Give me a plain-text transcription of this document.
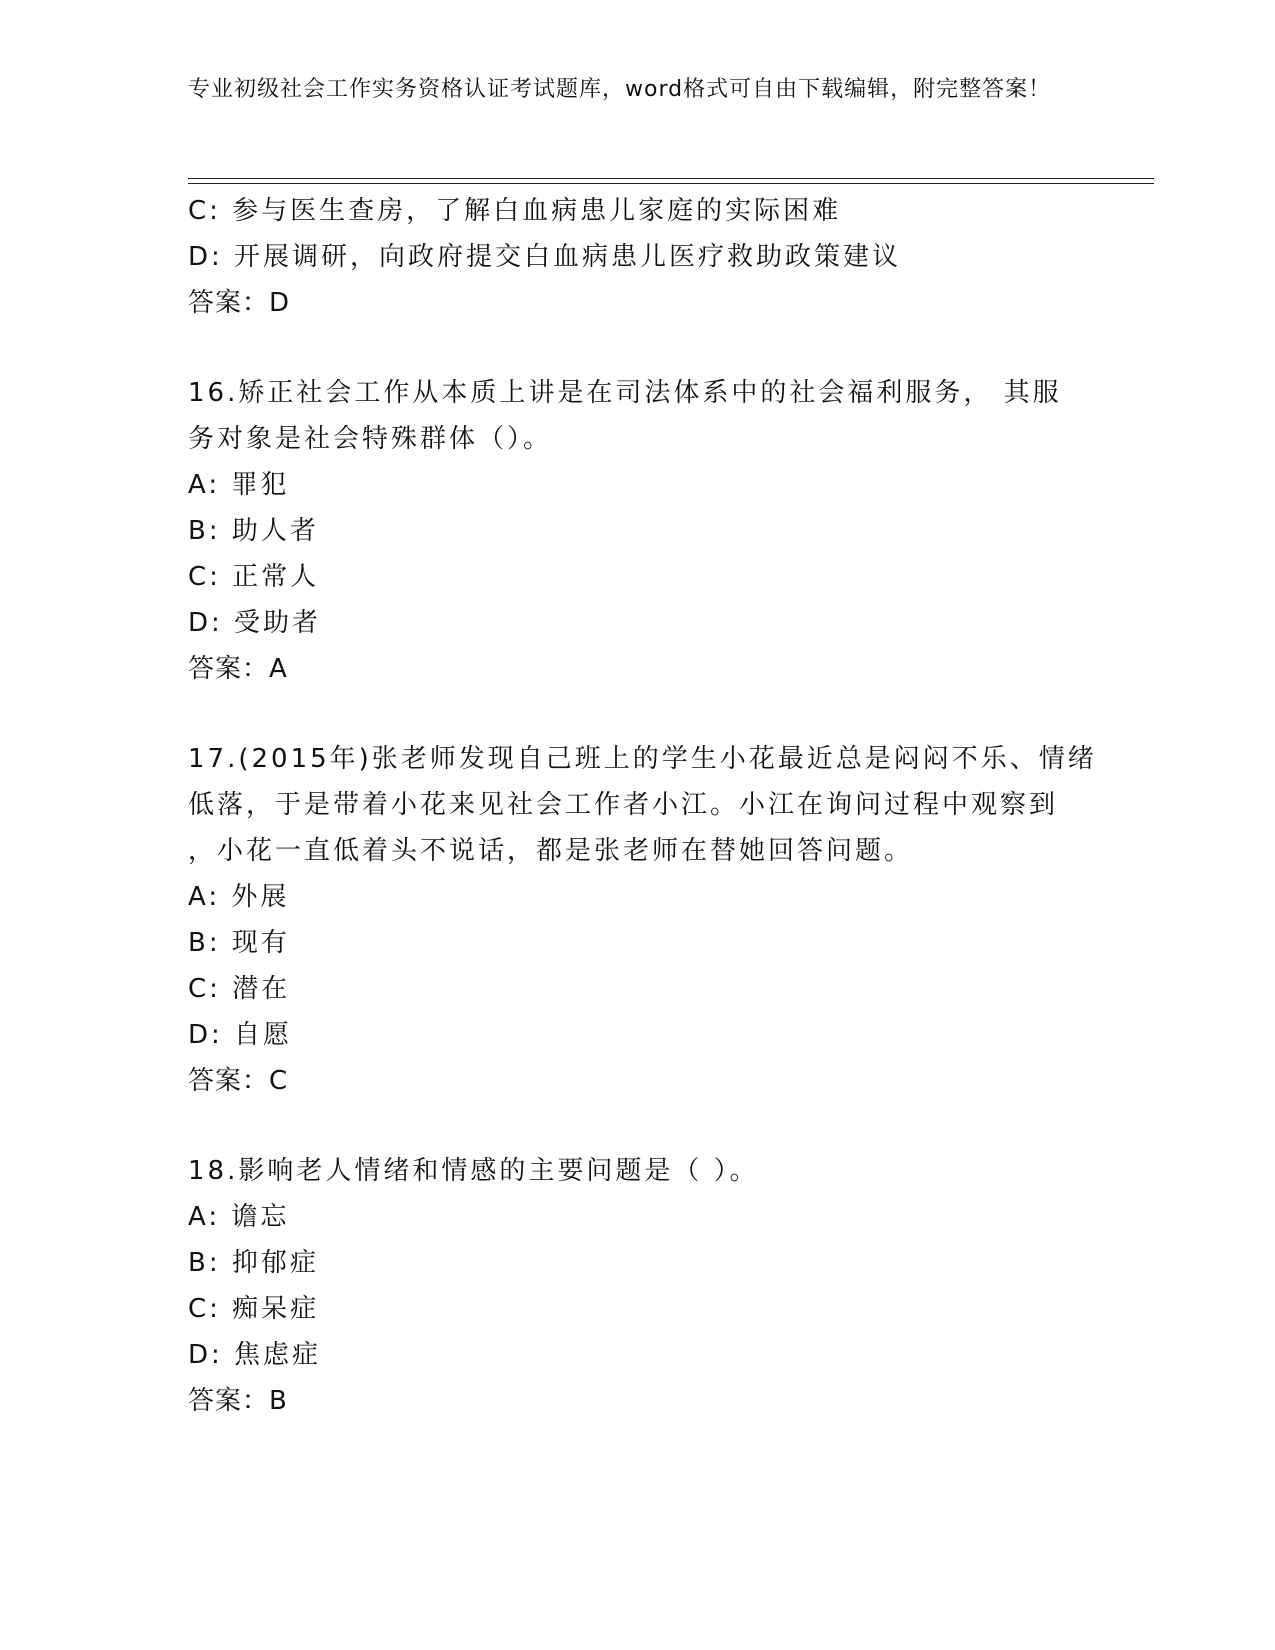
专业初级社会工作实务资格认证考试题库，word格式可自由下载编辑，附完整答案！
C: 参与医生查房，了解白血病患儿家庭的实际困难
D: 开展调研，向政府提交白血病患儿医疗救助政策建议
答案：D
16.矫正社会工作从本质上讲是在司法体系中的社会福利服务， 其服
务对象是社会特殊群体（）。
A: 罪犯
B: 助人者
C: 正常人
D: 受助者
答案：A
17.(2015年)张老师发现自己班上的学生小花最近总是闷闷不乐、情绪
低落，于是带着小花来见社会工作者小江。小江在询问过程中观察到
，小花一直低着头不说话，都是张老师在替她回答问题。
A: 外展
B: 现有
C: 潜在
D: 自愿
答案：C
18.影响老人情绪和情感的主要问题是（ ）。
A: 谵忘
B: 抑郁症
C: 痴呆症
D: 焦虑症
答案：B
